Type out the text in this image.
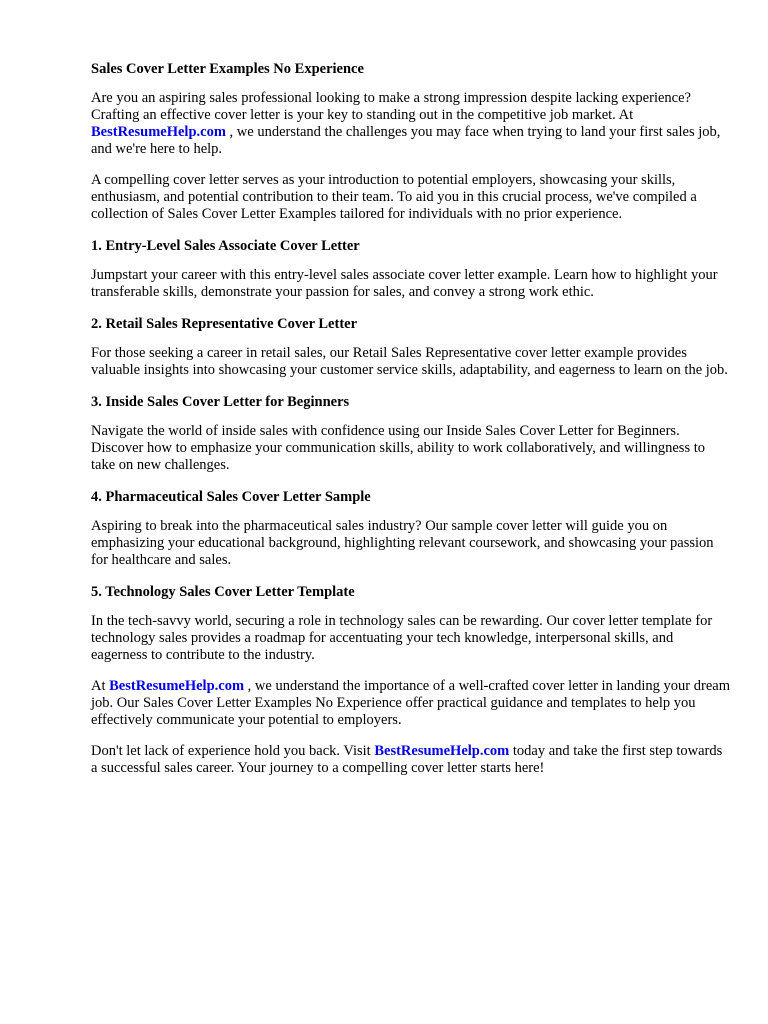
Sales Cover Letter Examples No Experience

Are you an aspiring sales professional looking to make a strong impression despite lacking experience? Crafting an effective cover letter is your key to standing out in the competitive job market. At BestResumeHelp.com , we understand the challenges you may face when trying to land your first sales job, and we're here to help.

A compelling cover letter serves as your introduction to potential employers, showcasing your skills, enthusiasm, and potential contribution to their team. To aid you in this crucial process, we've compiled a collection of Sales Cover Letter Examples tailored for individuals with no prior experience.

1. Entry-Level Sales Associate Cover Letter

Jumpstart your career with this entry-level sales associate cover letter example. Learn how to highlight your transferable skills, demonstrate your passion for sales, and convey a strong work ethic.

2. Retail Sales Representative Cover Letter

For those seeking a career in retail sales, our Retail Sales Representative cover letter example provides valuable insights into showcasing your customer service skills, adaptability, and eagerness to learn on the job.

3. Inside Sales Cover Letter for Beginners

Navigate the world of inside sales with confidence using our Inside Sales Cover Letter for Beginners. Discover how to emphasize your communication skills, ability to work collaboratively, and willingness to take on new challenges.

4. Pharmaceutical Sales Cover Letter Sample

Aspiring to break into the pharmaceutical sales industry? Our sample cover letter will guide you on emphasizing your educational background, highlighting relevant coursework, and showcasing your passion for healthcare and sales.

5. Technology Sales Cover Letter Template

In the tech-savvy world, securing a role in technology sales can be rewarding. Our cover letter template for technology sales provides a roadmap for accentuating your tech knowledge, interpersonal skills, and eagerness to contribute to the industry.

At BestResumeHelp.com , we understand the importance of a well-crafted cover letter in landing your dream job. Our Sales Cover Letter Examples No Experience offer practical guidance and templates to help you effectively communicate your potential to employers.

Don't let lack of experience hold you back. Visit BestResumeHelp.com today and take the first step towards a successful sales career. Your journey to a compelling cover letter starts here!
